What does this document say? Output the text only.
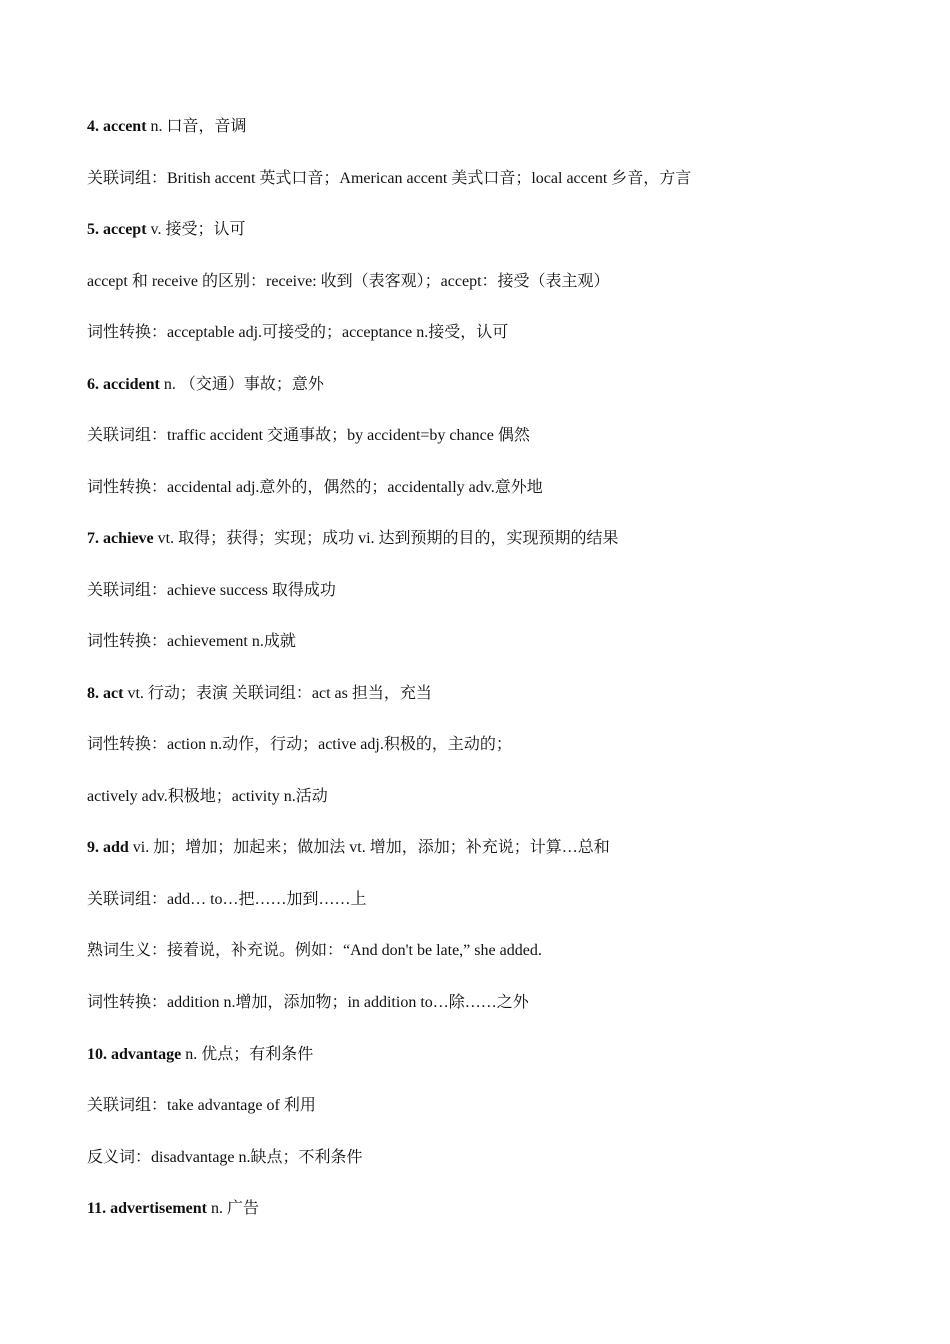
4. accent n. 口音，音调
关联词组：British accent 英式口音；American accent 美式口音；local accent 乡音，方言
5. accept v. 接受；认可
accept 和 receive 的区别：receive: 收到（表客观）；accept：接受（表主观）
词性转换：acceptable adj.可接受的；acceptance n.接受，认可
6. accident n. （交通）事故；意外
关联词组：traffic accident 交通事故；by accident=by chance 偶然
词性转换：accidental adj.意外的，偶然的；accidentally adv.意外地
7. achieve vt. 取得；获得；实现；成功 vi. 达到预期的目的，实现预期的结果
关联词组：achieve success 取得成功
词性转换：achievement n.成就
8. act vt. 行动；表演 关联词组：act as 担当，充当
词性转换：action n.动作，行动；active adj.积极的，主动的；
actively adv.积极地；activity n.活动
9. add vi. 加；增加；加起来；做加法 vt. 增加，添加；补充说；计算…总和
关联词组：add… to…把……加到……上
熟词生义：接着说，补充说。例如：“And don't be late,” she added.
词性转换：addition n.增加，添加物；in addition to…除……之外
10. advantage n. 优点；有利条件
关联词组：take advantage of 利用
反义词：disadvantage n.缺点；不利条件
11. advertisement n. 广告
